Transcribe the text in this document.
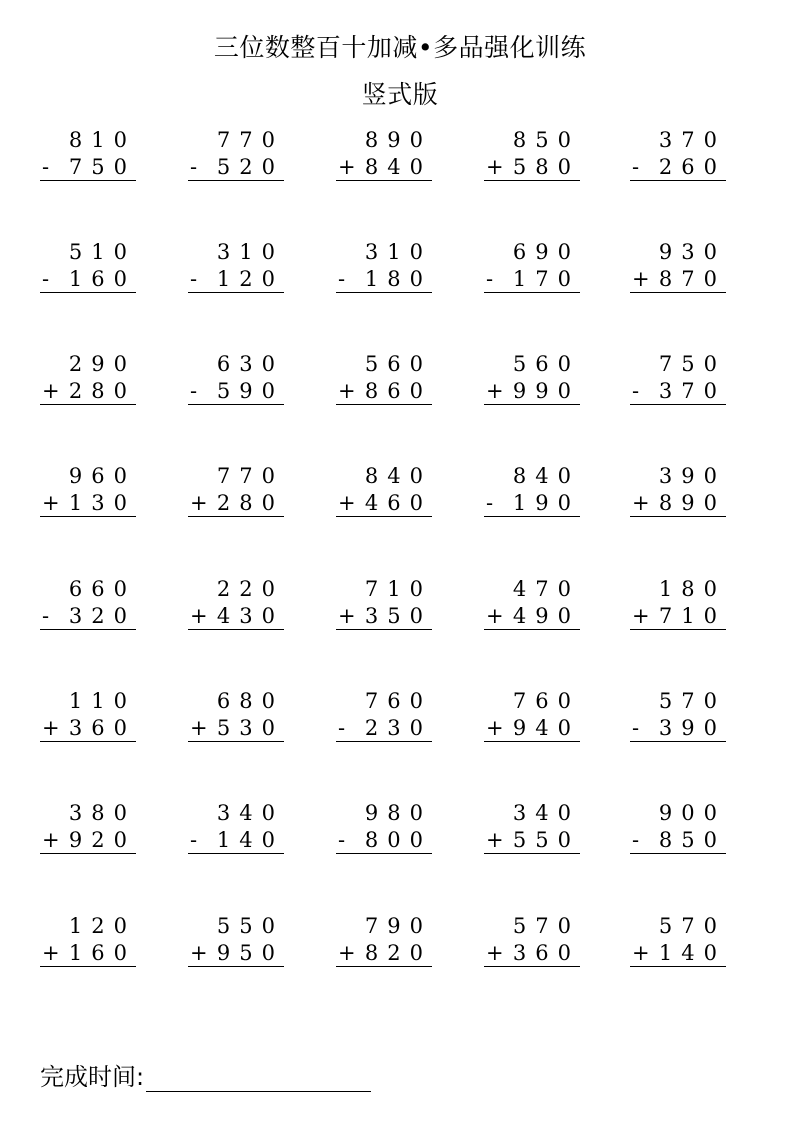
三位数整百十加减•多品强化训练
竖式版
810
- 750
770
- 520
890
+ 840
850
+ 580
370
- 260
510
- 160
310
- 120
310
- 180
690
- 170
930
+ 870
290
+ 280
630
- 590
560
+ 860
560
+ 990
750
- 370
960
+ 130
770
+ 280
840
+ 460
840
- 190
390
+ 890
660
- 320
220
+ 430
710
+ 350
470
+ 490
180
+ 710
110
+ 360
680
+ 530
760
- 230
760
+ 940
570
- 390
380
+ 920
340
- 140
980
- 800
340
+ 550
900
- 850
120
+ 160
550
+ 950
790
+ 820
570
+ 360
570
+ 140
完成时间:
